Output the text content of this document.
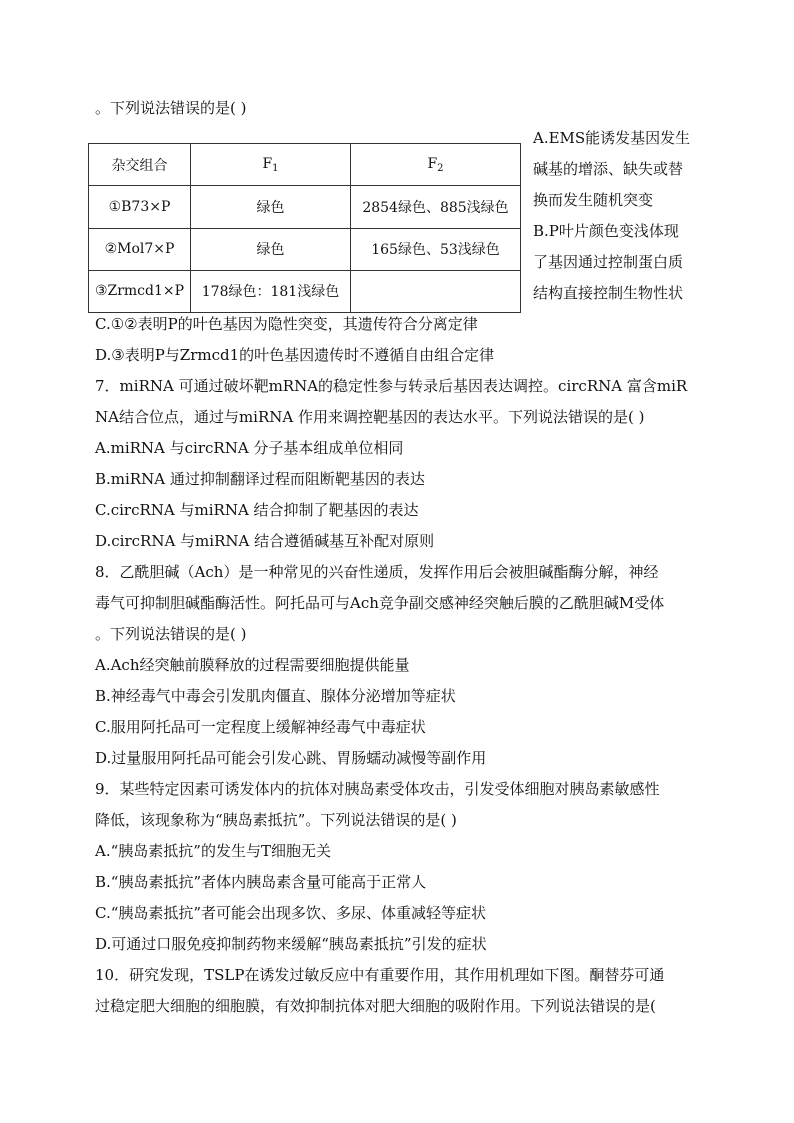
。下列说法错误的是( )
杂交组合	$F_1$	$F_2$
①B73×P	绿色	2854绿色、885浅绿色
②Mol7×P	绿色	165绿色、53浅绿色
③Zrmcd1×P	178绿色：181浅绿色	
A.EMS能诱发基因发生
碱基的增添、缺失或替
换而发生随机突变
B.P叶片颜色变浅体现
了基因通过控制蛋白质
结构直接控制生物性状
C.①②表明P的叶色基因为隐性突变，其遗传符合分离定律
D.③表明P与Zrmcd1的叶色基因遗传时不遵循自由组合定律
7．miRNA 可通过破坏靶mRNA的稳定性参与转录后基因表达调控。circRNA 富含miR
NA结合位点，通过与miRNA 作用来调控靶基因的表达水平。下列说法错误的是( )
A.miRNA 与circRNA 分子基本组成单位相同
B.miRNA 通过抑制翻译过程而阻断靶基因的表达
C.circRNA 与miRNA 结合抑制了靶基因的表达
D.circRNA 与miRNA 结合遵循碱基互补配对原则
8．乙酰胆碱（Ach）是一种常见的兴奋性递质，发挥作用后会被胆碱酯酶分解，神经
毒气可抑制胆碱酯酶活性。阿托品可与Ach竞争副交感神经突触后膜的乙酰胆碱M受体
。下列说法错误的是( )
A.Ach经突触前膜释放的过程需要细胞提供能量
B.神经毒气中毒会引发肌肉僵直、腺体分泌增加等症状
C.服用阿托品可一定程度上缓解神经毒气中毒症状
D.过量服用阿托品可能会引发心跳、胃肠蠕动减慢等副作用
9．某些特定因素可诱发体内的抗体对胰岛素受体攻击，引发受体细胞对胰岛素敏感性
降低，该现象称为“胰岛素抵抗”。下列说法错误的是( )
A.“胰岛素抵抗”的发生与T细胞无关
B.“胰岛素抵抗”者体内胰岛素含量可能高于正常人
C.“胰岛素抵抗”者可能会出现多饮、多尿、体重减轻等症状
D.可通过口服免疫抑制药物来缓解“胰岛素抵抗”引发的症状
10．研究发现，TSLP在诱发过敏反应中有重要作用，其作用机理如下图。酮替芬可通
过稳定肥大细胞的细胞膜，有效抑制抗体对肥大细胞的吸附作用。下列说法错误的是(
